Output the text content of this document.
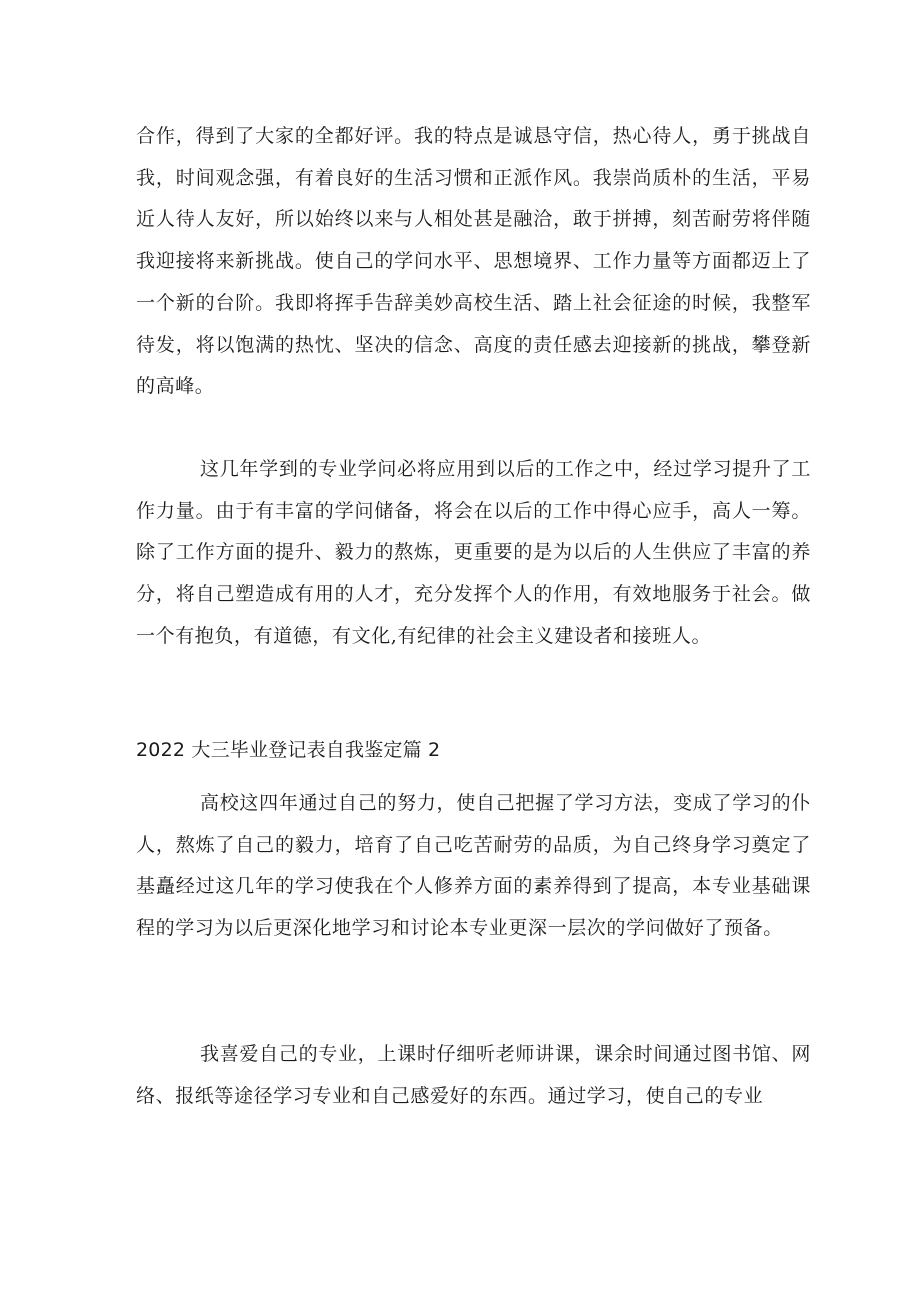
合作，得到了大家的全都好评。我的特点是诚恳守信，热心待人，勇于挑战自我，时间观念强，有着良好的生活习惯和正派作风。我崇尚质朴的生活，平易近人待人友好，所以始终以来与人相处甚是融洽，敢于拼搏，刻苦耐劳将伴随我迎接将来新挑战。使自己的学问水平、思想境界、工作力量等方面都迈上了一个新的台阶。我即将挥手告辞美妙高校生活、踏上社会征途的时候，我整军待发，将以饱满的热忱、坚决的信念、高度的责任感去迎接新的挑战，攀登新的高峰。

这几年学到的专业学问必将应用到以后的工作之中，经过学习提升了工作力量。由于有丰富的学问储备，将会在以后的工作中得心应手，高人一筹。除了工作方面的提升、毅力的熬炼，更重要的是为以后的人生供应了丰富的养分，将自己塑造成有用的人才，充分发挥个人的作用，有效地服务于社会。做一个有抱负，有道德，有文化,有纪律的社会主义建设者和接班人。

2022 大三毕业登记表自我鉴定篇 2

高校这四年通过自己的努力，使自己把握了学习方法，变成了学习的仆人，熬炼了自己的毅力，培育了自己吃苦耐劳的品质，为自己终身学习奠定了基矗经过这几年的学习使我在个人修养方面的素养得到了提高，本专业基础课程的学习为以后更深化地学习和讨论本专业更深一层次的学问做好了预备。

我喜爱自己的专业，上课时仔细听老师讲课，课余时间通过图书馆、网络、报纸等途径学习专业和自己感爱好的东西。通过学习，使自己的专业
